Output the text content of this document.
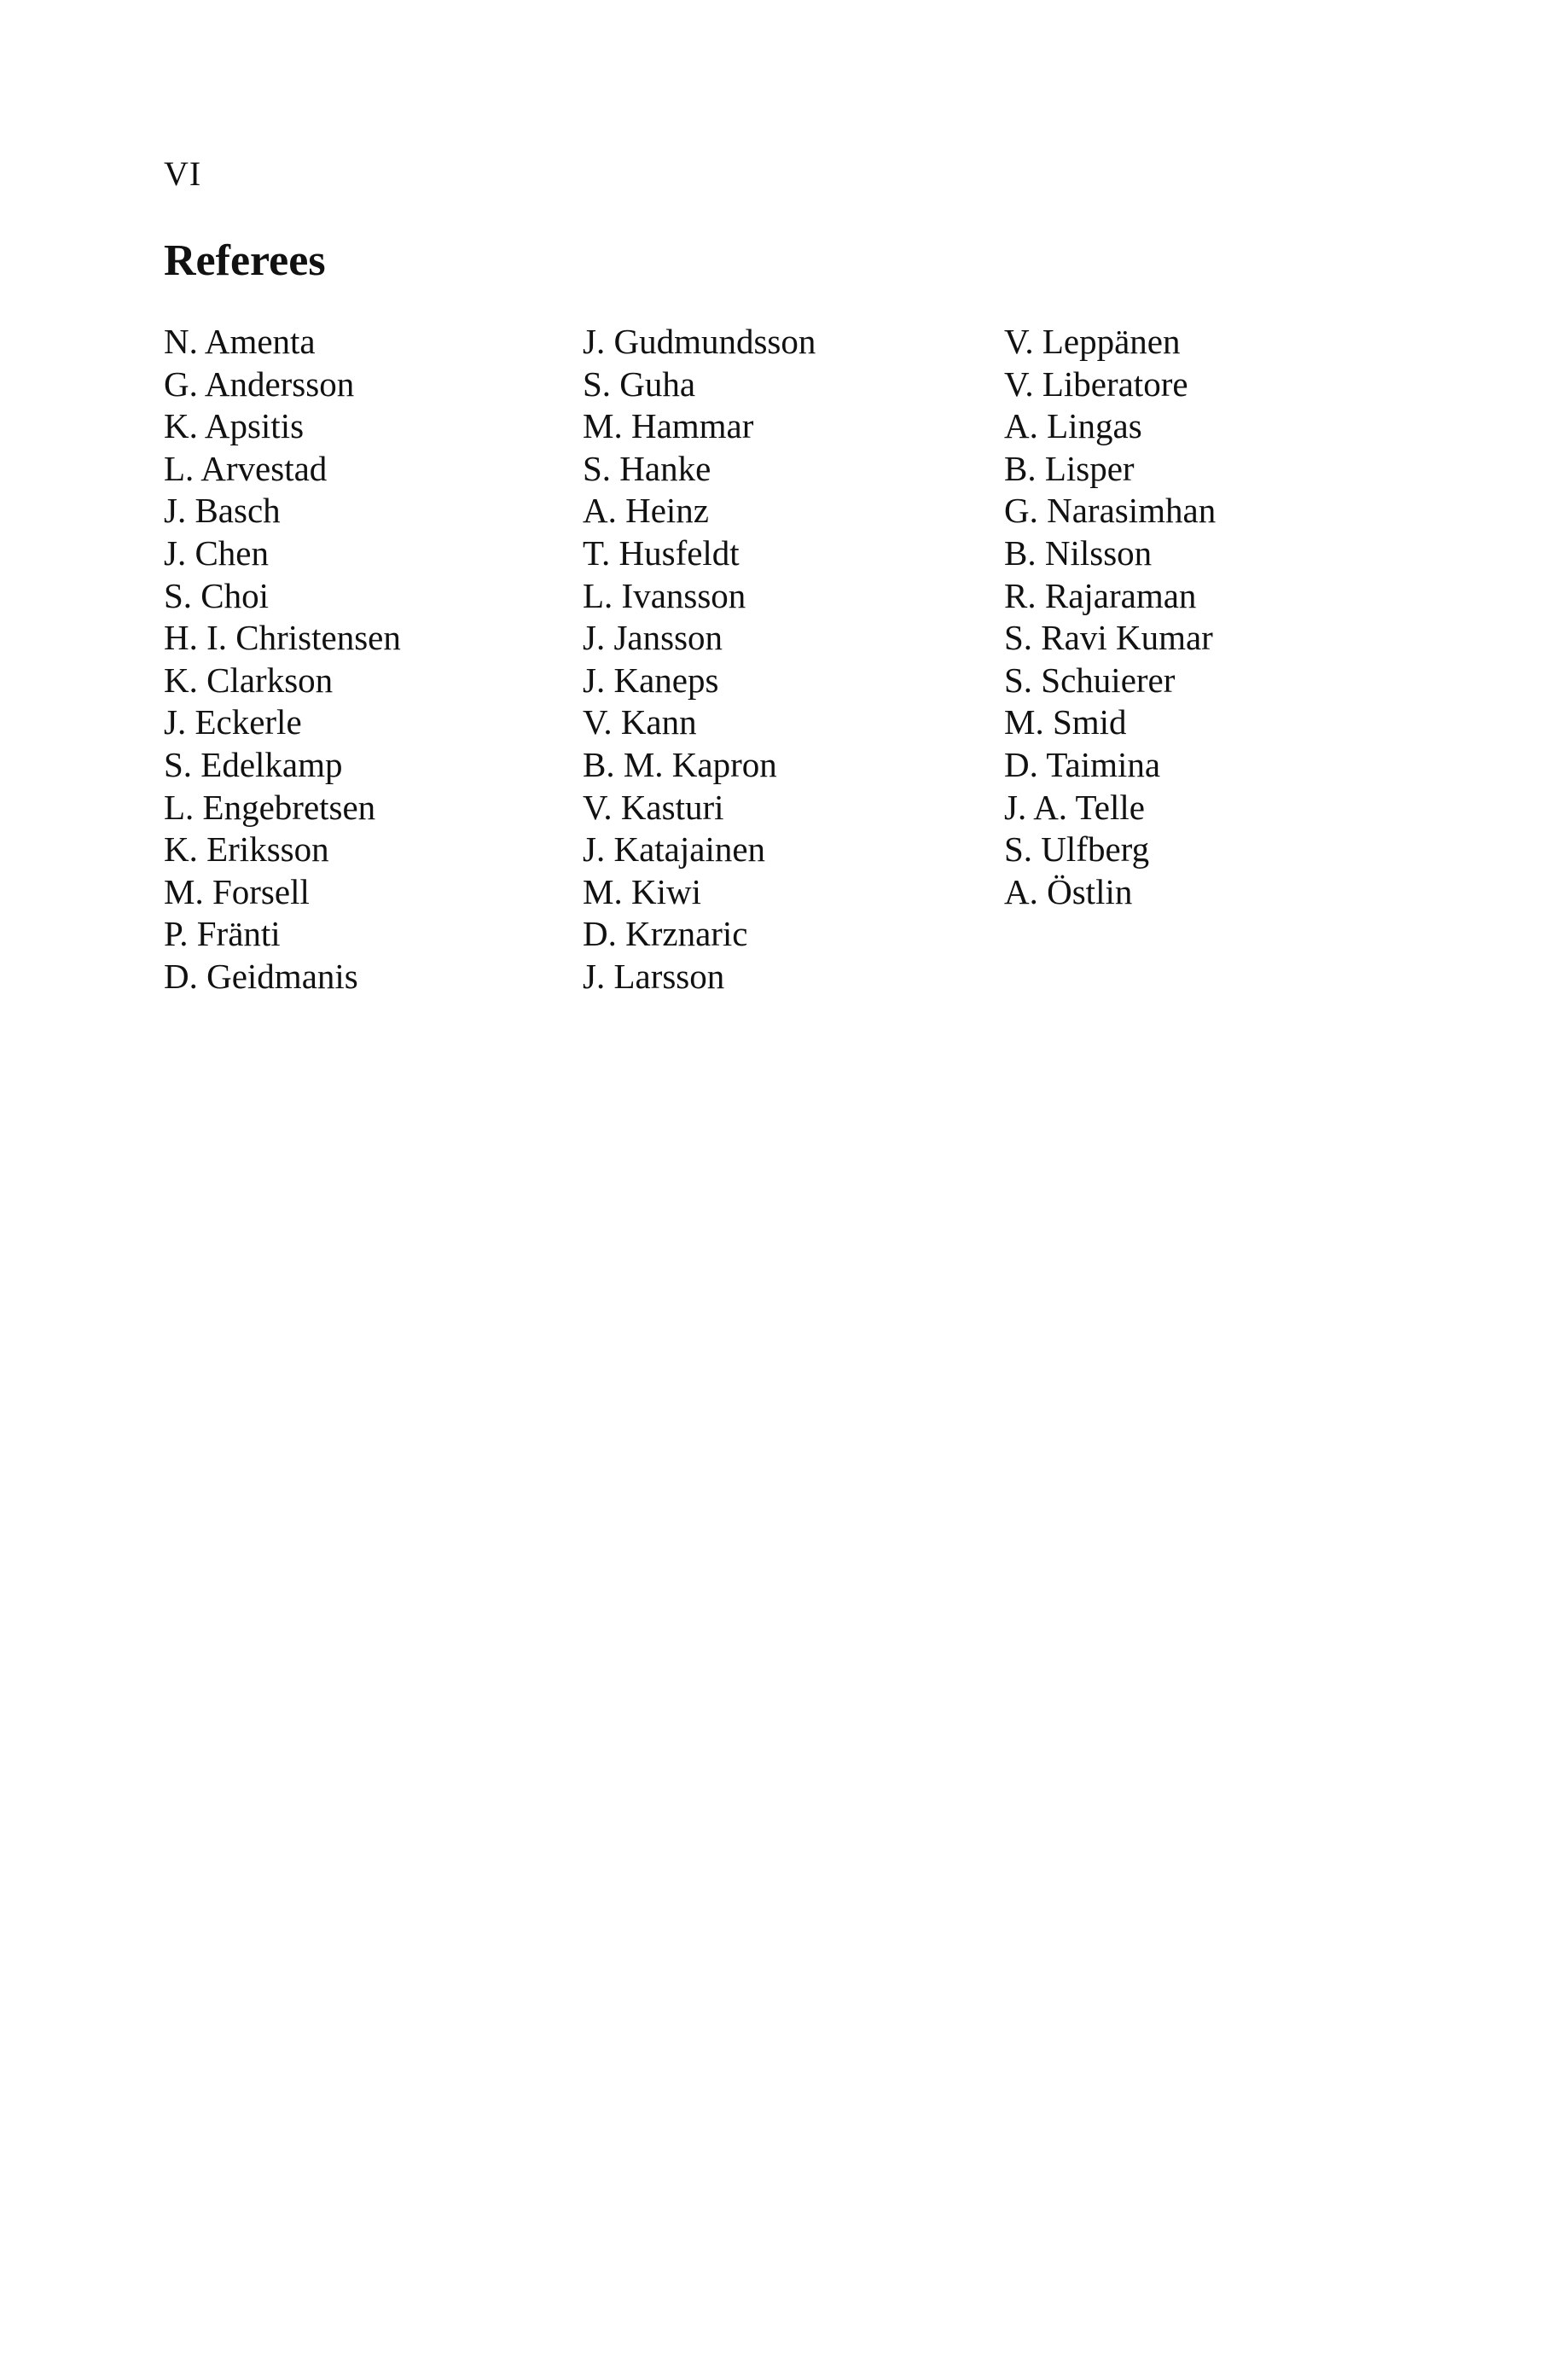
VI
Referees
N. Amenta
G. Andersson
K. Apsitis
L. Arvestad
J. Basch
J. Chen
S. Choi
H. I. Christensen
K. Clarkson
J. Eckerle
S. Edelkamp
L. Engebretsen
K. Eriksson
M. Forsell
P. Fränti
D. Geidmanis
J. Gudmundsson
S. Guha
M. Hammar
S. Hanke
A. Heinz
T. Husfeldt
L. Ivansson
J. Jansson
J. Kaneps
V. Kann
B. M. Kapron
V. Kasturi
J. Katajainen
M. Kiwi
D. Krznaric
J. Larsson
V. Leppänen
V. Liberatore
A. Lingas
B. Lisper
G. Narasimhan
B. Nilsson
R. Rajaraman
S. Ravi Kumar
S. Schuierer
M. Smid
D. Taimina
J. A. Telle
S. Ulfberg
A. Östlin
